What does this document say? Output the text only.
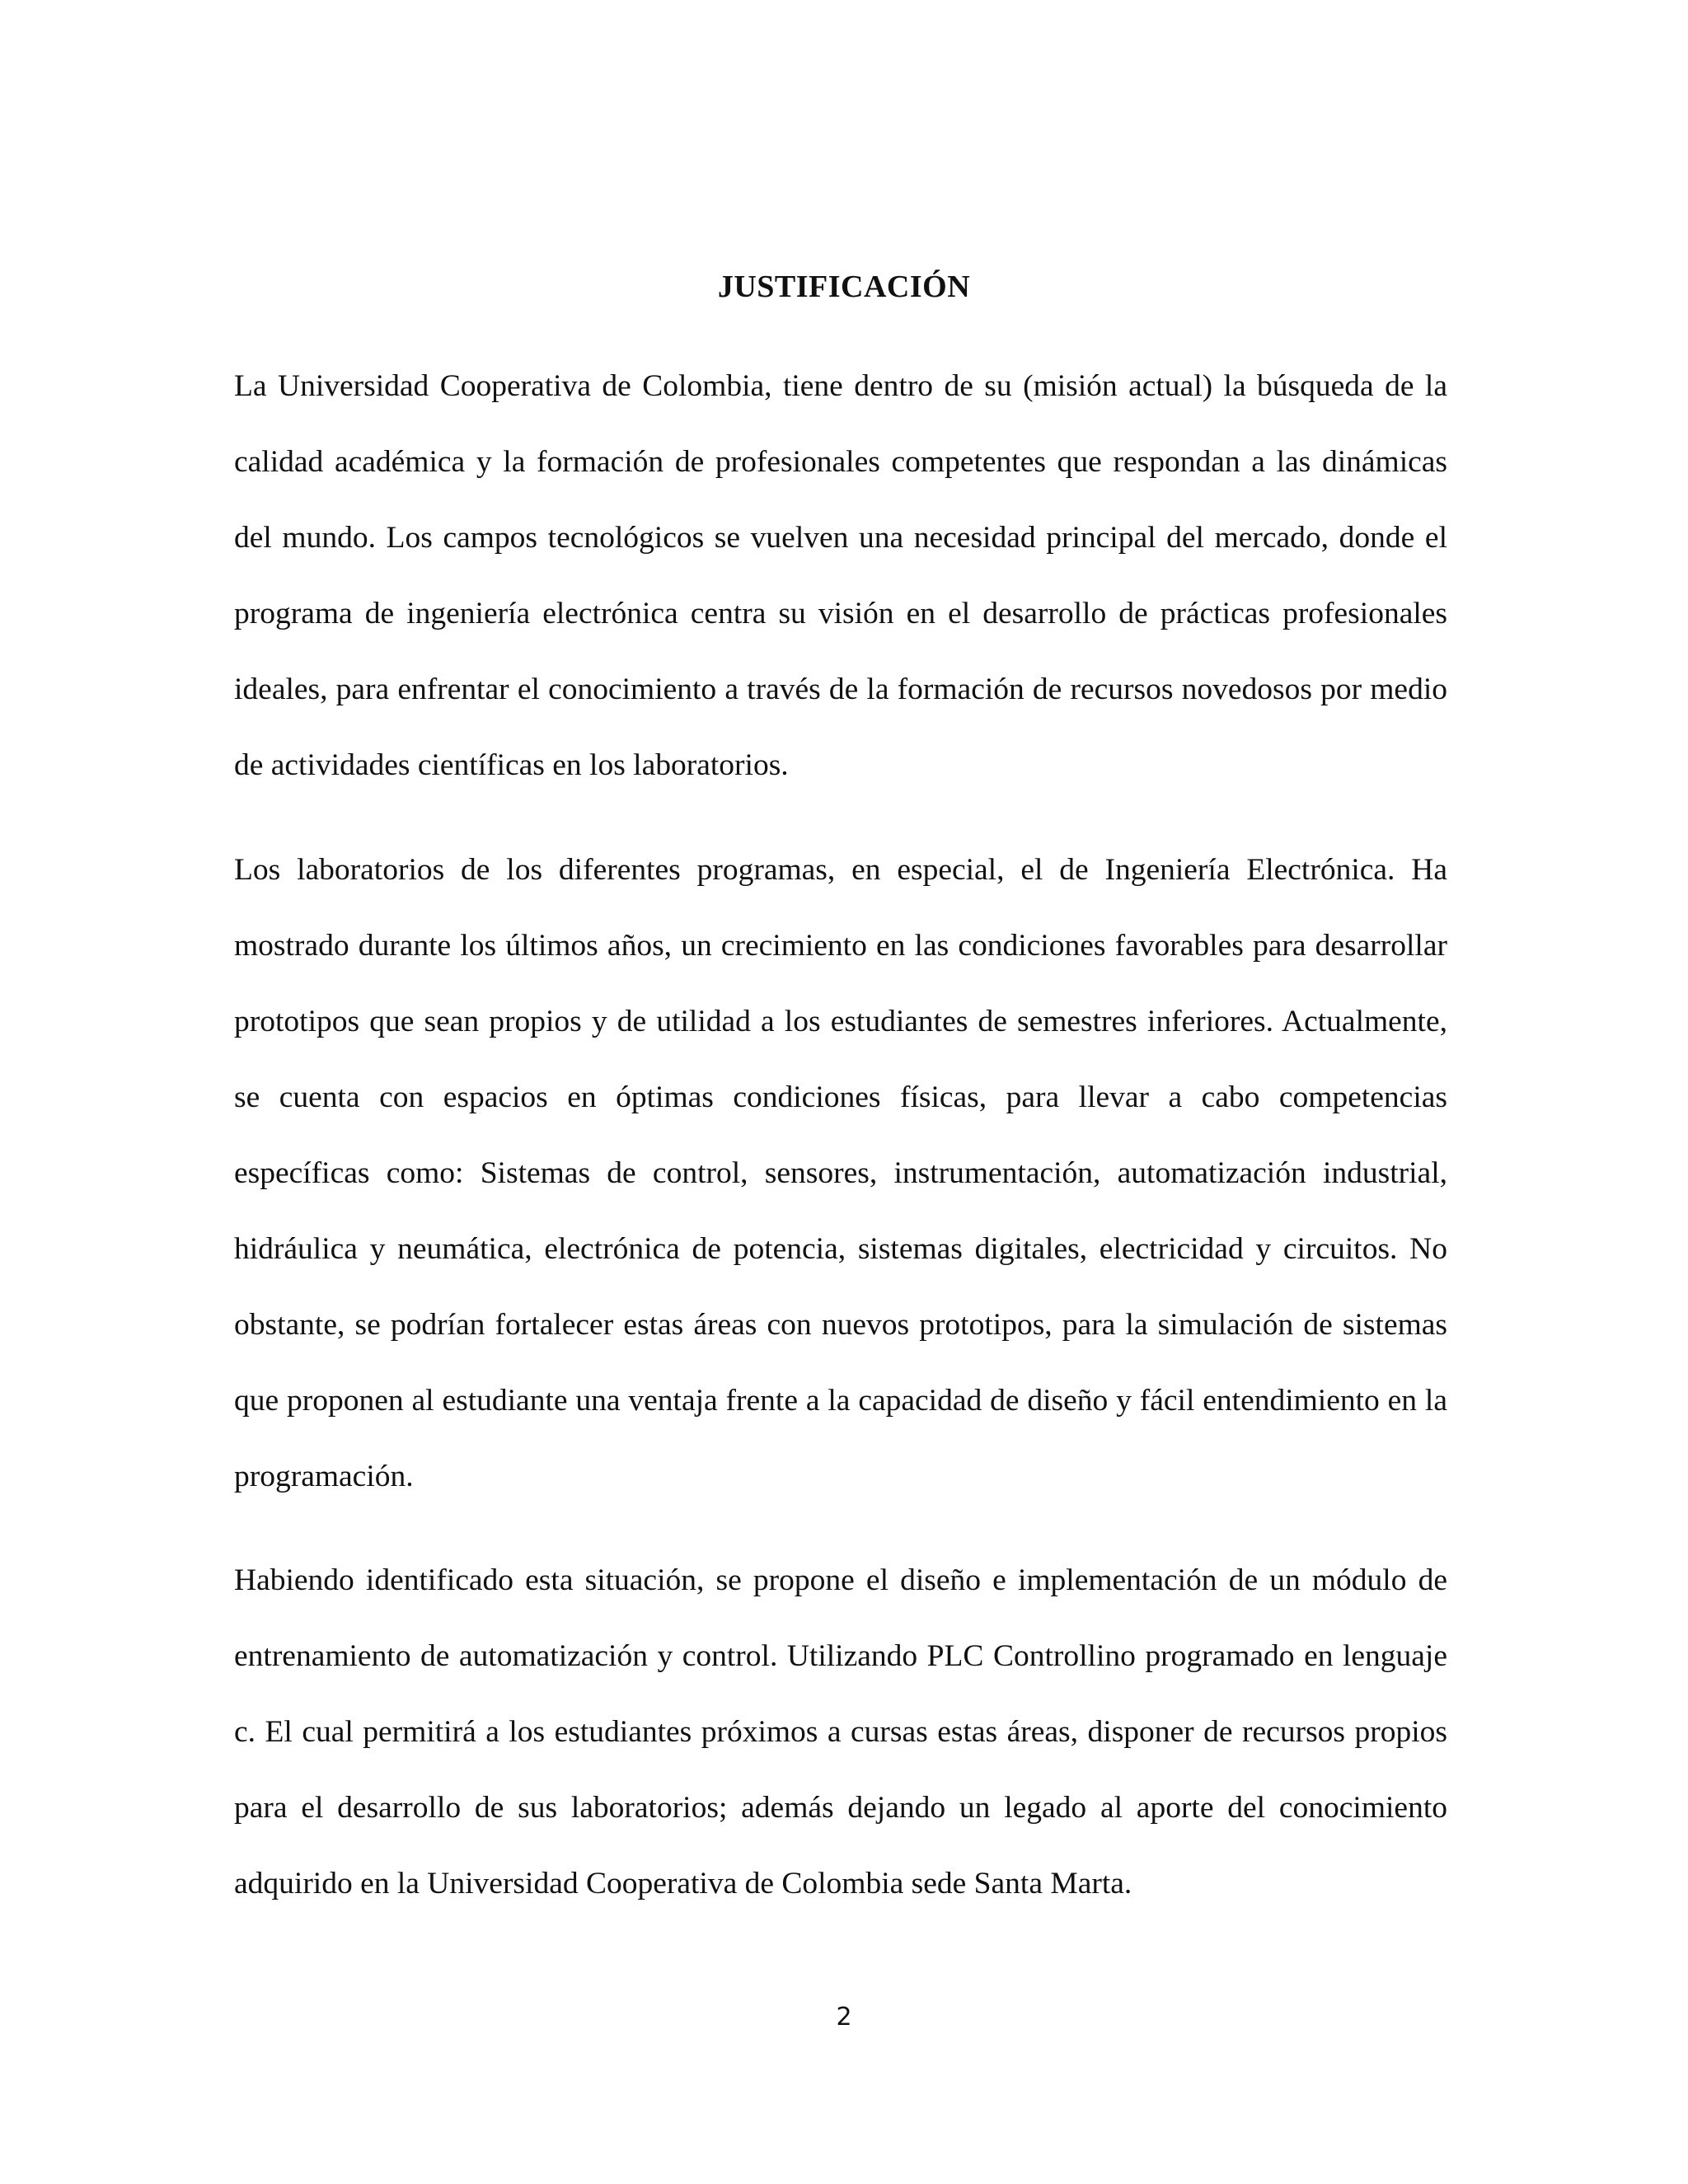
JUSTIFICACIÓN

La Universidad Cooperativa de Colombia, tiene dentro de su (misión actual) la búsqueda de la calidad académica y la formación de profesionales competentes que respondan a las dinámicas del mundo. Los campos tecnológicos se vuelven una necesidad principal del mercado, donde el programa de ingeniería electrónica centra su visión en el desarrollo de prácticas profesionales ideales, para enfrentar el conocimiento a través de la formación de recursos novedosos por medio de actividades científicas en los laboratorios.

Los laboratorios de los diferentes programas, en especial, el de Ingeniería Electrónica. Ha mostrado durante los últimos años, un crecimiento en las condiciones favorables para desarrollar prototipos que sean propios y de utilidad a los estudiantes de semestres inferiores. Actualmente, se cuenta con espacios en óptimas condiciones físicas, para llevar a cabo competencias específicas como: Sistemas de control, sensores, instrumentación, automatización industrial, hidráulica y neumática, electrónica de potencia, sistemas digitales, electricidad y circuitos. No obstante, se podrían fortalecer estas áreas con nuevos prototipos, para la simulación de sistemas que proponen al estudiante una ventaja frente a la capacidad de diseño y fácil entendimiento en la programación.

Habiendo identificado esta situación, se propone el diseño e implementación de un módulo de entrenamiento de automatización y control. Utilizando PLC Controllino programado en lenguaje c. El cual permitirá a los estudiantes próximos a cursas estas áreas, disponer de recursos propios para el desarrollo de sus laboratorios; además dejando un legado al aporte del conocimiento adquirido en la Universidad Cooperativa de Colombia sede Santa Marta.

2
